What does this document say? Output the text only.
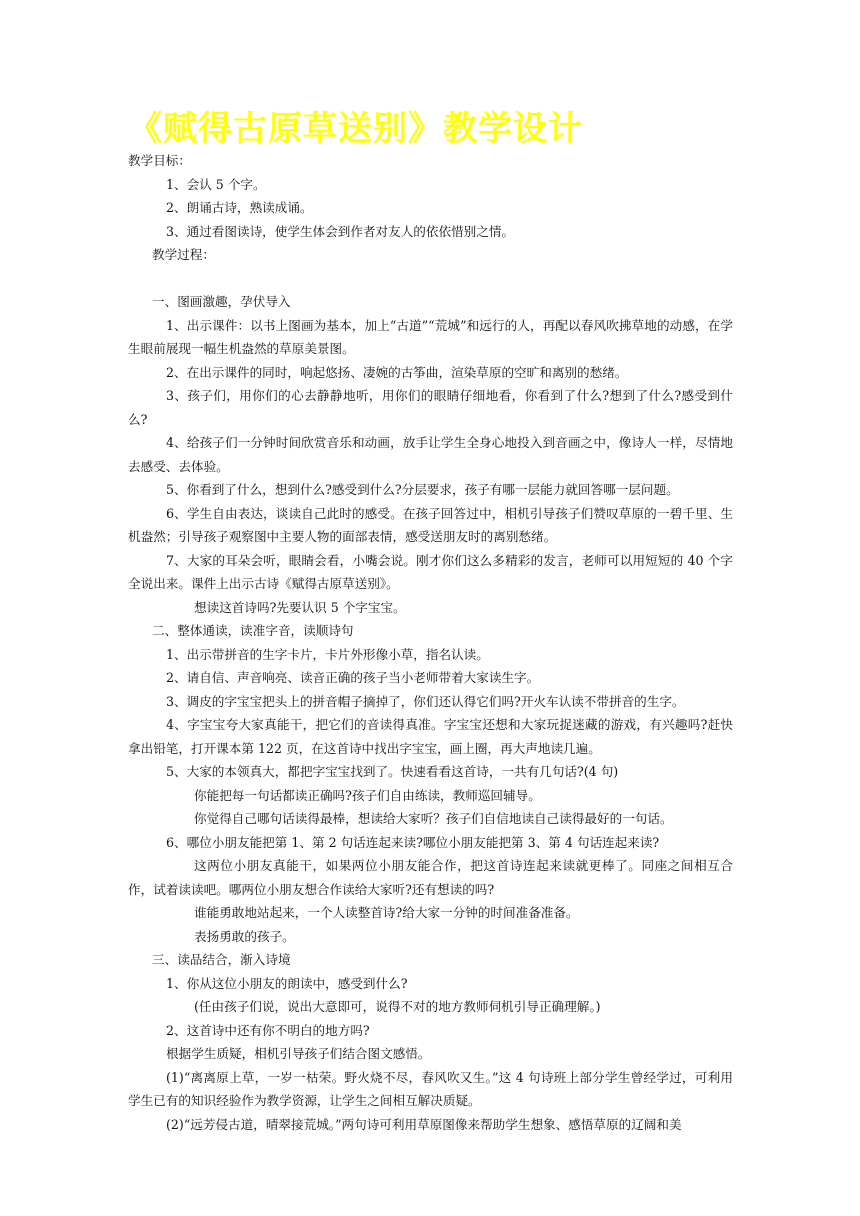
《赋得古原草送别》教学设计

教学目标：

1、会认 5 个字。

2、朗诵古诗，熟读成诵。

3、通过看图读诗，使学生体会到作者对友人的依依惜别之情。

教学过程：

一、图画激趣，孕伏导入

1、出示课件：以书上图画为基本，加上“古道”“荒城”和远行的人，再配以春风吹拂草地的动感，在学生眼前展现一幅生机盎然的草原美景图。

2、在出示课件的同时，响起悠扬、凄婉的古筝曲，渲染草原的空旷和离别的愁绪。

3、孩子们，用你们的心去静静地听，用你们的眼睛仔细地看，你看到了什么?想到了什么?感受到什么?

4、给孩子们一分钟时间欣赏音乐和动画，放手让学生全身心地投入到音画之中，像诗人一样，尽情地去感受、去体验。

5、你看到了什么，想到什么?感受到什么?分层要求，孩子有哪一层能力就回答哪一层问题。

6、学生自由表达，谈读自己此时的感受。在孩子回答过中，相机引导孩子们赞叹草原的一碧千里、生机盎然；引导孩子观察图中主要人物的面部表情，感受送朋友时的离别愁绪。

7、大家的耳朵会听，眼睛会看，小嘴会说。刚才你们这么多精彩的发言，老师可以用短短的 40 个字全说出来。课件上出示古诗《赋得古原草送别》。

想读这首诗吗?先要认识 5 个字宝宝。

二、整体通读，读准字音，读顺诗句

1、出示带拼音的生字卡片，卡片外形像小草，指名认读。

2、请自信、声音响亮、读音正确的孩子当小老师带着大家读生字。

3、调皮的字宝宝把头上的拼音帽子摘掉了，你们还认得它们吗?开火车认读不带拼音的生字。

4、字宝宝夸大家真能干，把它们的音读得真准。字宝宝还想和大家玩捉迷藏的游戏，有兴趣吗?赶快拿出铅笔，打开课本第 122 页，在这首诗中找出字宝宝，画上圈，再大声地读几遍。

5、大家的本领真大，都把字宝宝找到了。快速看看这首诗，一共有几句话?(4 句)

你能把每一句话都读正确吗?孩子们自由练读，教师巡回辅导。

你觉得自己哪句话读得最棒，想读给大家听？孩子们自信地读自己读得最好的一句话。

6、哪位小朋友能把第 1、第 2 句话连起来读?哪位小朋友能把第 3、第 4 句话连起来读?

这两位小朋友真能干，如果两位小朋友能合作，把这首诗连起来读就更棒了。同座之间相互合作，试着读读吧。哪两位小朋友想合作读给大家听?还有想读的吗?

谁能勇敢地站起来，一个人读整首诗?给大家一分钟的时间准备准备。

表扬勇敢的孩子。

三、读品结合，渐入诗境

1、你从这位小朋友的朗读中，感受到什么?

(任由孩子们说，说出大意即可，说得不对的地方教师伺机引导正确理解。)

2、这首诗中还有你不明白的地方吗?

根据学生质疑，相机引导孩子们结合图文感悟。

(1)“离离原上草，一岁一枯荣。野火烧不尽，春风吹又生。”这 4 句诗班上部分学生曾经学过，可利用学生已有的知识经验作为教学资源，让学生之间相互解决质疑。

(2)“远芳侵古道，晴翠接荒城。”两句诗可利用草原图像来帮助学生想象、感悟草原的辽阔和美
